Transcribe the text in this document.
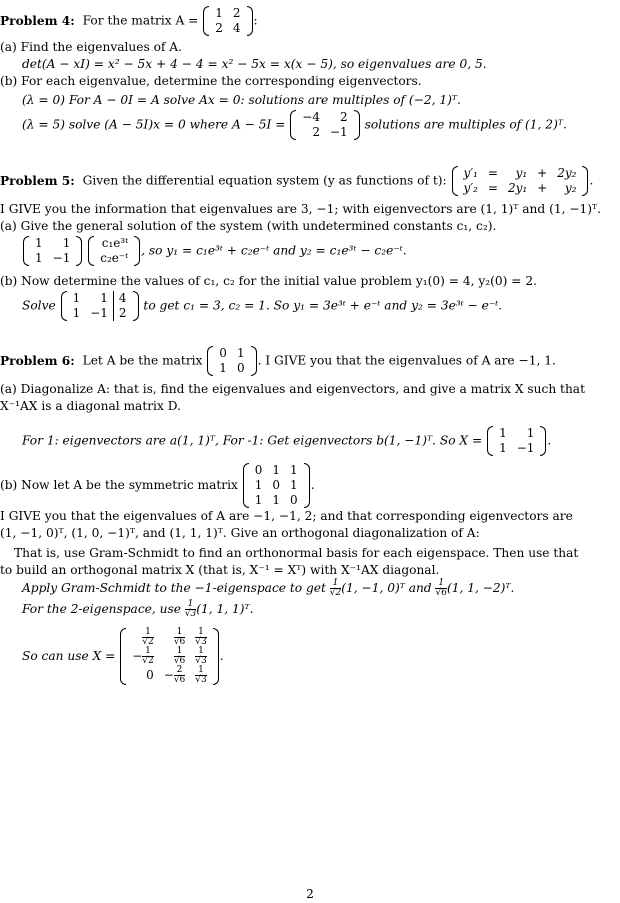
Problem 4: For the matrix A =
1	2
2	4
:
(a) Find the eigenvalues of A.
det(A − xI) = x² − 5x + 4 − 4 = x² − 5x = x(x − 5), so eigenvalues are 0, 5.
(b) For each eigenvalue, determine the corresponding eigenvectors.
(λ = 0) For A − 0I = A solve Ax = 0: solutions are multiples of (−2, 1)ᵀ.
(λ = 5) solve (A − 5I)x = 0 where A − 5I =
−4	2
2	−1
solutions are multiples of (1, 2)ᵀ.
Problem 5: Given the differential equation system (y as functions of t):
y′₁	=	y₁	+	2y₂
y′₂	=	2y₁	+	y₂
.
I GIVE you the information that eigenvalues are 3, −1; with eigenvectors are (1, 1)ᵀ and (1, −1)ᵀ.
(a) Give the general solution of the system (with undetermined constants c₁, c₂).
1	1
1	−1

c₁e³ᵗ
c₂e⁻ᵗ
, so y₁ = c₁e³ᵗ + c₂e⁻ᵗ and y₂ = c₁e³ᵗ − c₂e⁻ᵗ.
(b) Now determine the values of c₁, c₂ for the initial value problem y₁(0) = 4, y₂(0) = 2.
Solve
1	1	4
1	−1	2
to get c₁ = 3, c₂ = 1. So y₁ = 3e³ᵗ + e⁻ᵗ and y₂ = 3e³ᵗ − e⁻ᵗ.
Problem 6: Let A be the matrix
0	1
1	0
. I GIVE you that the eigenvalues of A are −1, 1.
(a) Diagonalize A: that is, find the eigenvalues and eigenvectors, and give a matrix X such that
X⁻¹AX is a diagonal matrix D.
For 1: eigenvectors are a(1, 1)ᵀ, For -1: Get eigenvectors b(1, −1)ᵀ. So X =
1	1
1	−1
.
(b) Now let A be the symmetric matrix
0	1	1
1	0	1
1	1	0
.
I GIVE you that the eigenvalues of A are −1, −1, 2; and that corresponding eigenvectors are
(1, −1, 0)ᵀ, (1, 0, −1)ᵀ, and (1, 1, 1)ᵀ. Give an orthogonal diagonalization of A:
That is, use Gram-Schmidt to find an orthonormal basis for each eigenspace. Then use that
to build an orthogonal matrix X (that is, X⁻¹ = Xᵀ) with X⁻¹AX diagonal.
Apply Gram-Schmidt to the −1-eigenspace to get $\frac{1}{√2} (1$, −1, 0)ᵀ and $\frac{1}{√6} (1$, 1, −2)ᵀ.
For the 2-eigenspace, use $\frac{1}{√3} (1$, 1, 1)ᵀ.
So can use X =
$\frac{1}{√2}$	$\frac{1}{√6}$	$\frac{1}{√3}$

− $\frac{1}{√2}$	$\frac{1}{√6}$	$\frac{1}{√3}$

0	− $\frac{2}{√6}$	$\frac{1}{√3}$
.
2
